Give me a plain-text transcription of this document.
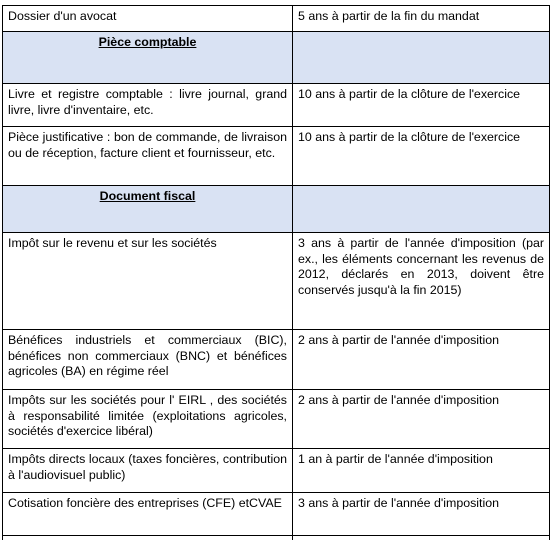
Dossier d'un avocat	5 ans à partir de la fin du mandat
Pièce comptable	
Livre et registre comptable : livre journal, grand livre, livre d'inventaire, etc.	10 ans à partir de la clôture de l'exercice
Pièce justificative : bon de commande, de livraison ou de réception, facture client et fournisseur, etc.	10 ans à partir de la clôture de l'exercice
Document fiscal	
Impôt sur le revenu et sur les sociétés	3 ans à partir de l'année d'imposition (par ex., les éléments concernant les revenus de 2012, déclarés en 2013, doivent être conservés jusqu'à la fin 2015)
Bénéfices industriels et commerciaux (BIC), bénéfices non commerciaux (BNC) et bénéfices agricoles (BA) en régime réel	2 ans à partir de l'année d'imposition
Impôts sur les sociétés pour l' EIRL , des sociétés à responsabilité limitée (exploitations agricoles, sociétés d'exercice libéral)	2 ans à partir de l'année d'imposition
Impôts directs locaux (taxes foncières, contribution à l'audiovisuel public)	1 an à partir de l'année d'imposition
Cotisation foncière des entreprises (CFE) etCVAE	3 ans à partir de l'année d'imposition
